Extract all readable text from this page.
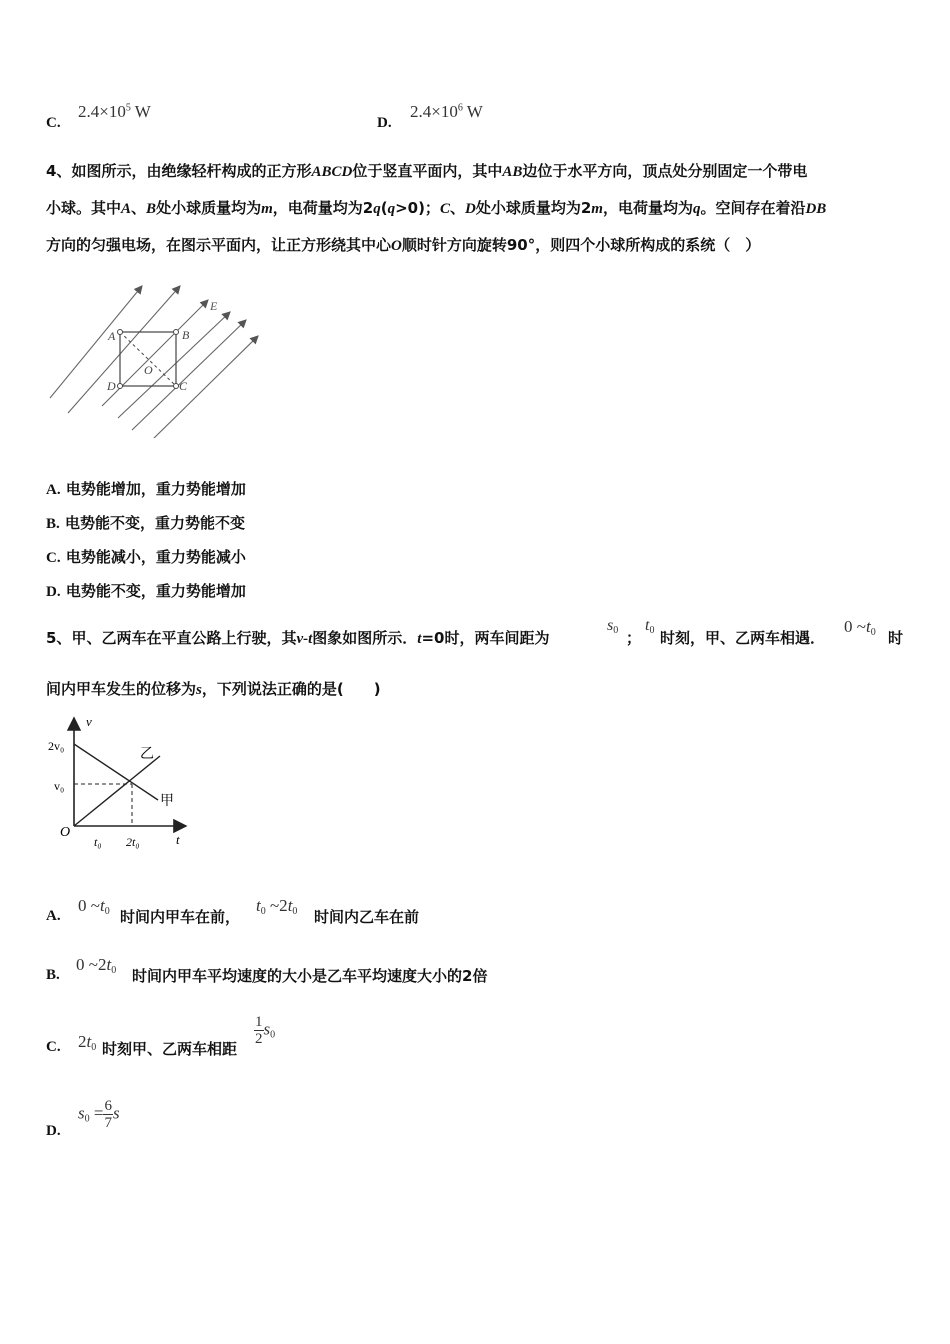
C.
$2.4\times 10^5$ W
D.
$2.4\times 10^6$ W
4、如图所示，由绝缘轻杆构成的正方形ABCD位于竖直平面内，其中AB边位于水平方向，顶点处分别固定一个带电
小球。其中A、B处小球质量均为m，电荷量均为2q(q>0)；C、D处小球质量均为2m，电荷量均为q。空间存在着沿DB
方向的匀强电场，在图示平面内，让正方形绕其中心O顺时针方向旋转90°，则四个小球所构成的系统（　）
E
A	B
C
D
O
A. 电势能增加，重力势能增加
B. 电势能不变，重力势能不变
C. 电势能减小，重力势能减小
D. 电势能不变，重力势能增加
5、甲、乙两车在平直公路上行驶，其v-t图象如图所示．t=0时，两车间距为
$s_0$ ；
$t_0$ 时刻，甲、乙两车相遇．
0 $\sim t_0$ 时
间内甲车发生的位移为s，下列说法正确的是(　　)
v
t
O
2v₀
v₀
t₀ 2t₀
乙
甲
A.
0 $\sim t_0$ 时间内甲车在前，
$t_0$ $\sim 2t_0$ 时间内乙车在前
B.
0 $\sim 2t_0$ 时间内甲车平均速度的大小是乙车平均速度大小的2倍
C. $2t_0$ 时刻甲、乙两车相距
$\frac{1}{2} s_0$
D.
$s_0 = \frac{6}{7}$ s
